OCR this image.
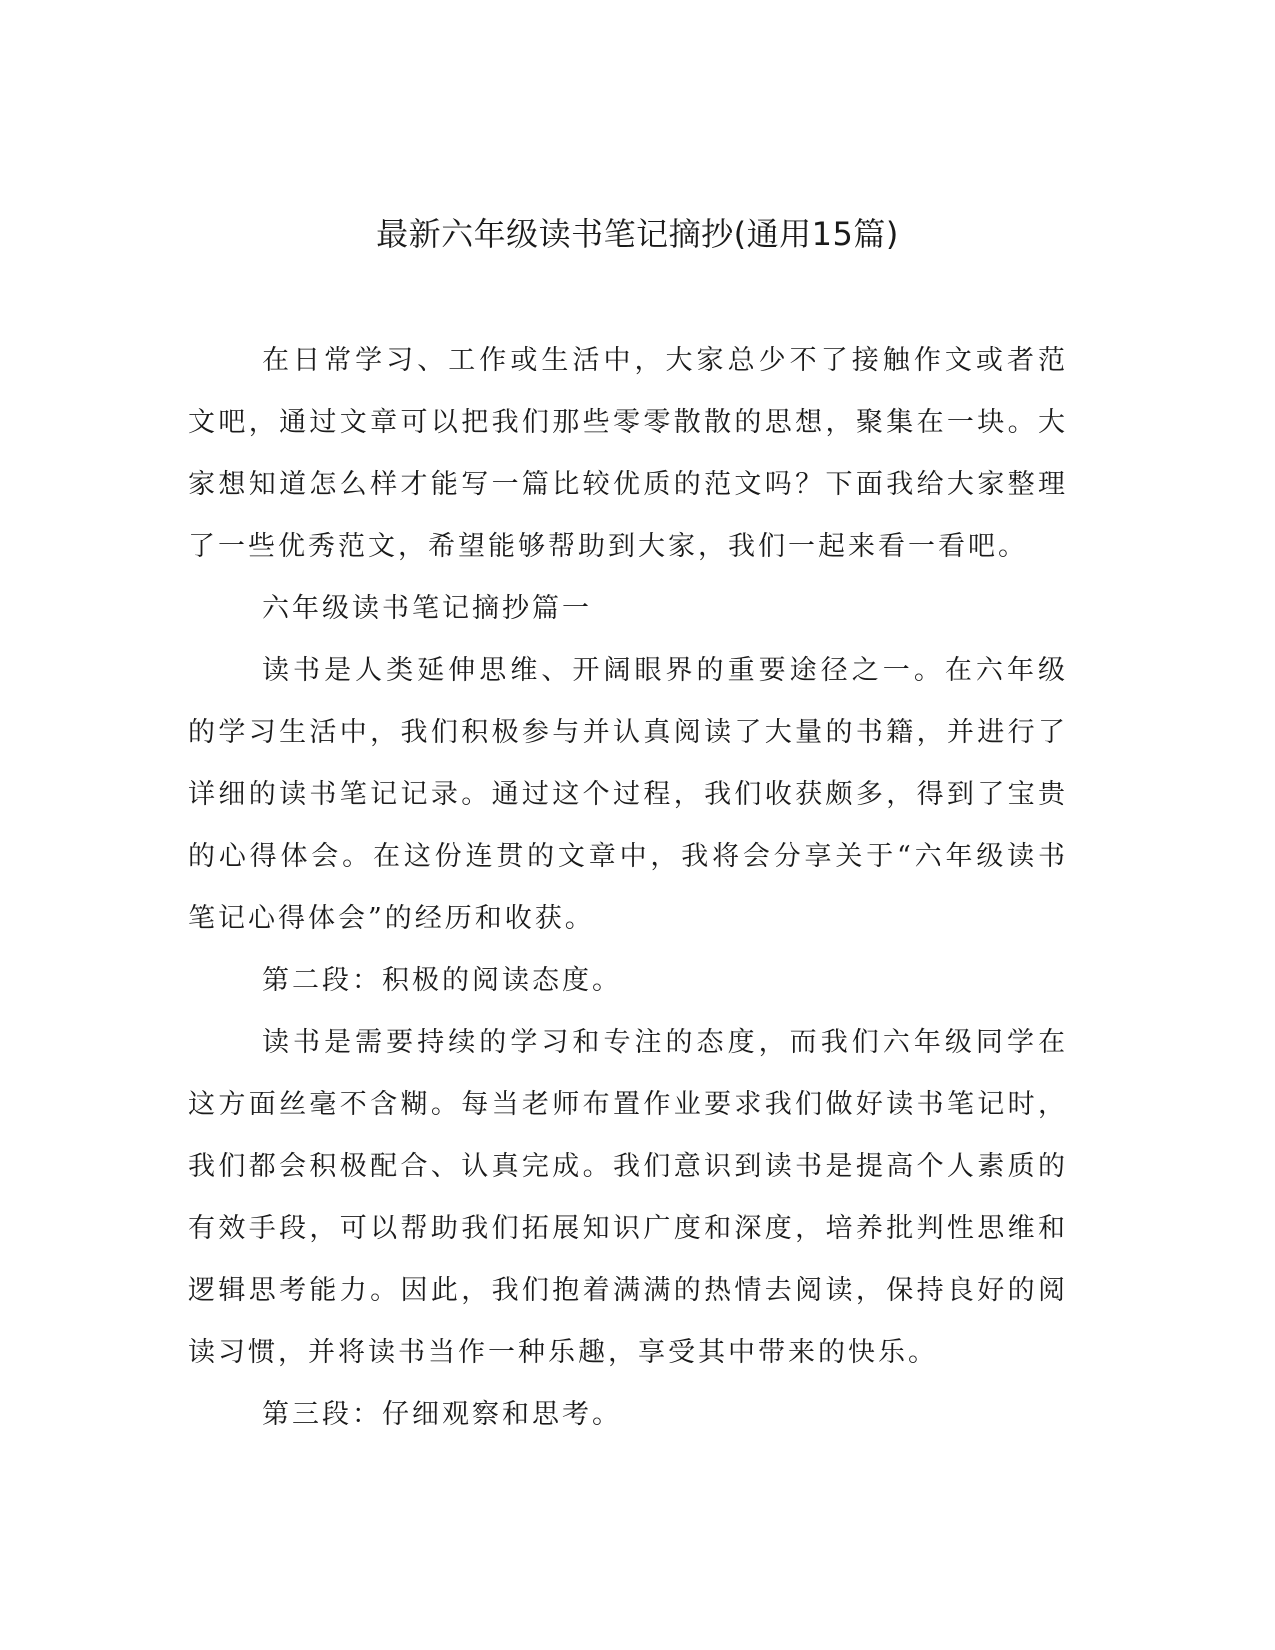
最新六年级读书笔记摘抄(通用15篇)

在日常学习、工作或生活中，大家总少不了接触作文或者范文吧，通过文章可以把我们那些零零散散的思想，聚集在一块。大家想知道怎么样才能写一篇比较优质的范文吗？下面我给大家整理了一些优秀范文，希望能够帮助到大家，我们一起来看一看吧。

六年级读书笔记摘抄篇一

读书是人类延伸思维、开阔眼界的重要途径之一。在六年级的学习生活中，我们积极参与并认真阅读了大量的书籍，并进行了详细的读书笔记记录。通过这个过程，我们收获颇多，得到了宝贵的心得体会。在这份连贯的文章中，我将会分享关于“六年级读书笔记心得体会”的经历和收获。

第二段：积极的阅读态度。

读书是需要持续的学习和专注的态度，而我们六年级同学在这方面丝毫不含糊。每当老师布置作业要求我们做好读书笔记时，我们都会积极配合、认真完成。我们意识到读书是提高个人素质的有效手段，可以帮助我们拓展知识广度和深度，培养批判性思维和逻辑思考能力。因此，我们抱着满满的热情去阅读，保持良好的阅读习惯，并将读书当作一种乐趣，享受其中带来的快乐。

第三段：仔细观察和思考。
